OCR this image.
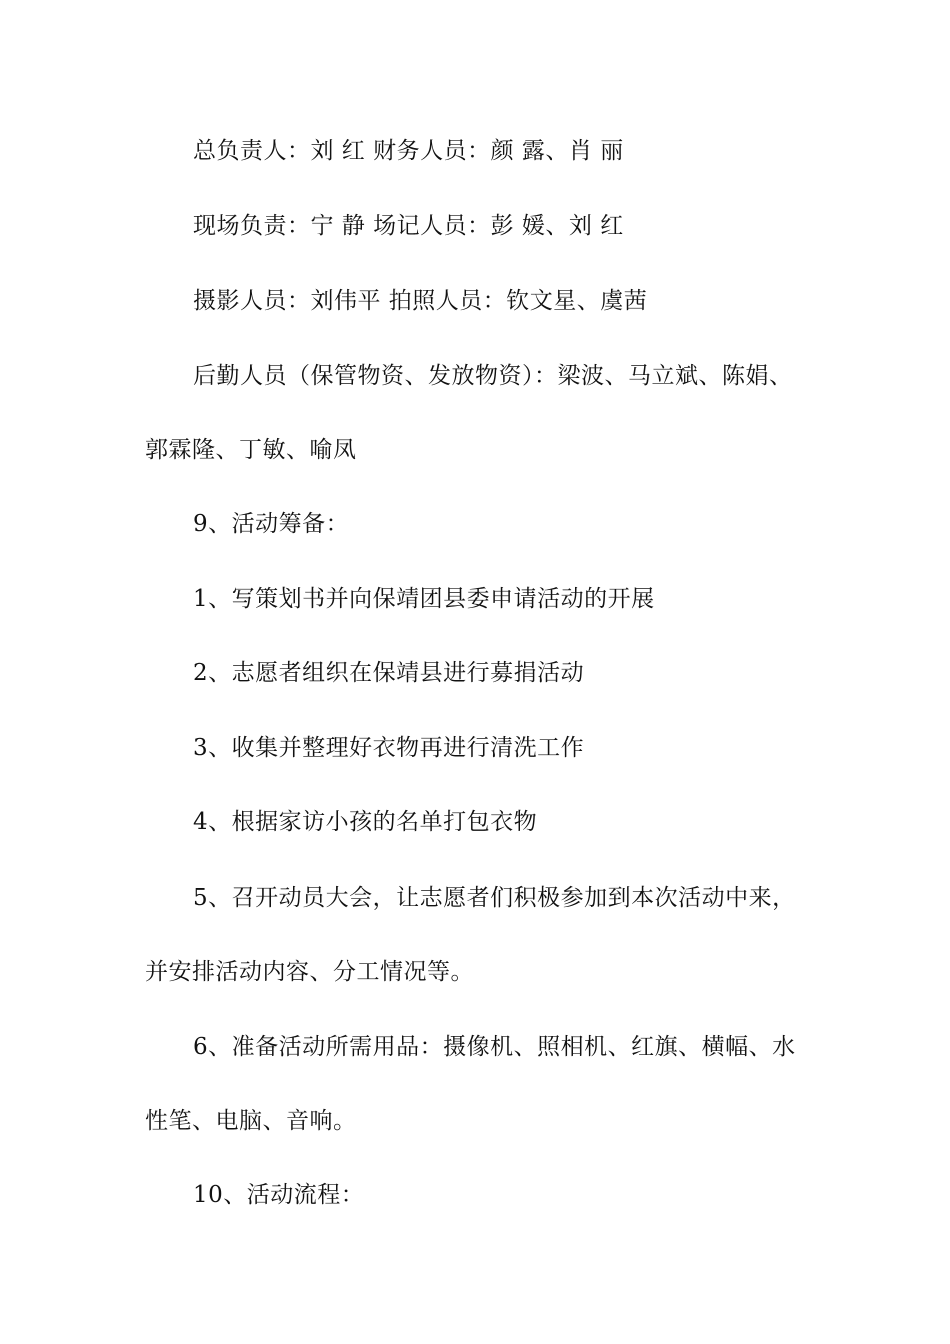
总负责人：刘 红 财务人员：颜 露、肖 丽
现场负责：宁 静 场记人员：彭 媛、刘 红
摄影人员：刘伟平 拍照人员：钦文星、虞茜
后勤人员（保管物资、发放物资）：梁波、马立斌、陈娟、
郭霖隆、丁敏、喻凤
9、活动筹备：
1、写策划书并向保靖团县委申请活动的开展
2、志愿者组织在保靖县进行募捐活动
3、收集并整理好衣物再进行清洗工作
4、根据家访小孩的名单打包衣物
5、召开动员大会，让志愿者们积极参加到本次活动中来，
并安排活动内容、分工情况等。
6、准备活动所需用品：摄像机、照相机、红旗、横幅、水
性笔、电脑、音响。
10、活动流程：
